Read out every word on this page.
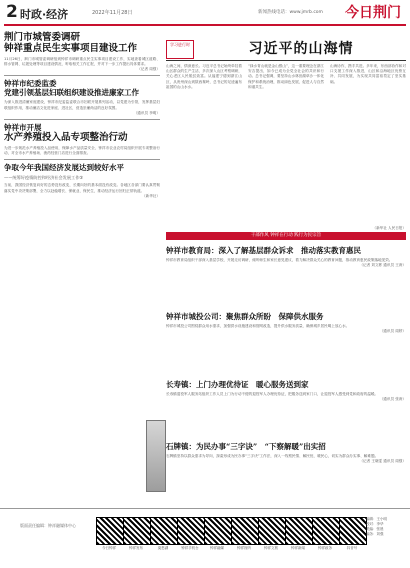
2 时政·经济	2022年11月28日	新闻热线电话：www.jmrb.com 今日荆门
荆门市城管委调研
钟祥重点民生实事项目建设工作
11月26日，荆门市城管委调研组到钟祥市调研重点民生实事项目建设工作，实地查看城区道路、排水管网、垃圾处理等项目建设情况，听取相关工作汇报，并对下一步工作提出具体要求。
（记者 周强）
钟祥市纪委监委
党建引领基层妇联组织建设推进廉家工作
为深入推进清廉家庭建设，钟祥市纪委监委联合市妇联开展系列活动，以党建为引领，发挥基层妇联组织作用，推动廉洁文化进家庭、进社区，营造崇廉尚洁的良好氛围。
（通讯员 李明）
钟祥市开展
水产养殖投入品专项整治行动
为进一步规范水产养殖投入品使用，保障水产品质量安全，钟祥市农业农村局组织开展专项整治行动，对全市水产养殖场、渔药经营门店进行全面排查。
争取今年我国经济发展达到较好水平
——统筹好疫情防控和经济社会发展工作③
当前，我国经济恢复向好的态势没有改变，长期向好的基本面没有改变。各地区各部门要认真贯彻落实党中央决策部署，全力以赴稳增长、保就业、保民生，推动经济运行回归正常轨道。
（新华社）
学习进行时	习近平的山海情
山海之间，情深意长。习近平总书记始终牵挂着山区群众的生产生活，多次深入山区考察调研，关心老区人民脱贫致富。从福建宁德到浙江山区，从贵州深山到陕西秦岭，总书记的足迹遍布祖国的山山水水。
“绿水青山就是金山银山”，这一重要理念在浙江安吉提出，如今已成为全党全社会的共识和行动。总书记强调，要坚持山水林田湖草沙一体化保护和系统治理，推动绿色发展，促进人与自然和谐共生。
山海协作，携手共进。多年来，东西部协作和对口支援工作深入推进，山区和沿海地区优势互补、共同发展，为实现共同富裕奠定了坚实基础。
（新华社 人民日报）
干部作风 钟祥在行动 践行为民宗旨
钟祥市教育局：深入了解基层群众诉求　推动落实教育惠民
钟祥市教育局组织干部深入基层学校，开展走访调研，倾听师生和家长意见建议，着力解决群众关心的教育问题，推动教育惠民政策落地见效。
（记者 刘文彬 通讯员 王涛）
钟祥市城投公司：聚焦群众所盼　保障供水服务
钟祥市城投公司围绕群众用水需求，加强供水设施建设和管网改造，提升供水服务质量，确保城乡居民喝上放心水。
（通讯员 周婷）
长寿镇：上门办理优待证　暖心服务送到家
长寿镇退役军人服务站组织工作人员上门为行动不便的退役军人办理优待证，把服务送到家门口，让退役军人感受到党和政府的温暖。
（通讯员 张涛）
石牌镇：为民办事“三字诀”　“下察解暖”出实招
石牌镇坚持以群众需求为导向，探索形成为民办事“三字诀”工作法，深入一线察民情、解民忧、暖民心，切实为群众办实事、解难题。
（记者 王晓雯 通讯员 周强）
版面责任编辑：钟祥融媒体中心
今日钟祥	钟祥发布	莫愁湖	钟祥手机台	钟祥融媒	钟祥视听	钟祥文旅	钟祥新闻	钟祥政务	抖音号
编辑：王小明
校对：李华
美编：张晨
编务：刘强
